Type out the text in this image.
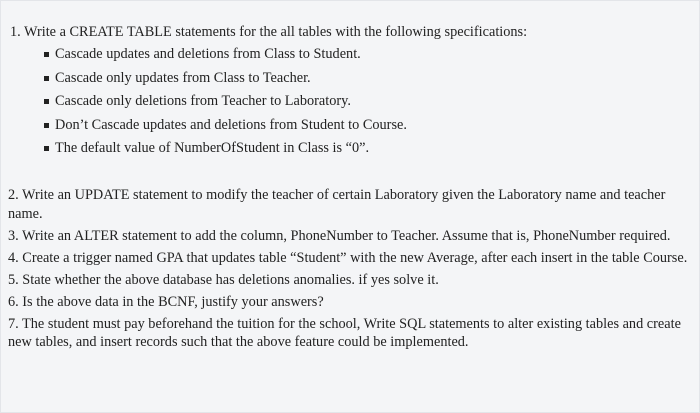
1. Write a CREATE TABLE statements for the all tables with the following specifications:
Cascade updates and deletions from Class to Student.
Cascade only updates from Class to Teacher.
Cascade only deletions from Teacher to Laboratory.
Don’t Cascade updates and deletions from Student to Course.
The default value of NumberOfStudent in Class is “0”.
2. Write an UPDATE statement to modify the teacher of certain Laboratory given the Laboratory name and teacher name.
3. Write an ALTER statement to add the column, PhoneNumber to Teacher. Assume that is, PhoneNumber required.
4. Create a trigger named GPA that updates table “Student” with the new Average, after each insert in the table Course.
5. State whether the above database has deletions anomalies. if yes solve it.
6. Is the above data in the BCNF, justify your answers?
7. The student must pay beforehand the tuition for the school, Write SQL statements to alter existing tables and create new tables, and insert records such that the above feature could be implemented.
